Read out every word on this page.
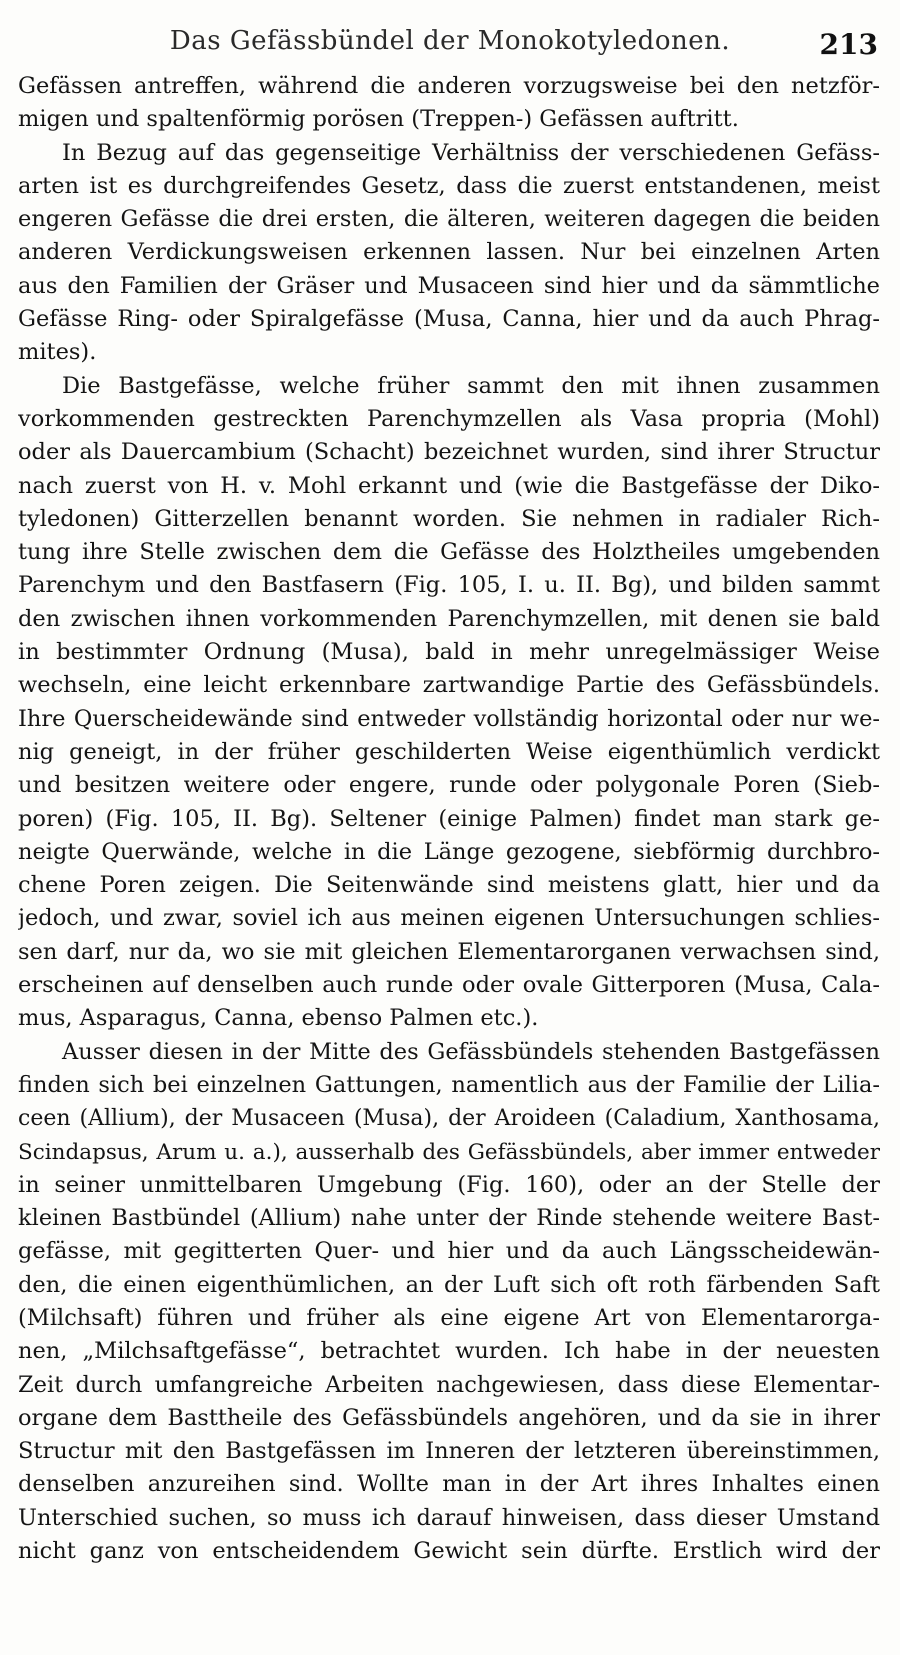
Das Gefässbündel der Monokotyledonen.	213
Gefässen antreffen, während die anderen vorzugsweise bei den netzför-
migen und spaltenförmig porösen (Treppen-) Gefässen auftritt.
In Bezug auf das gegenseitige Verhältniss der verschiedenen Gefäss-
arten ist es durchgreifendes Gesetz, dass die zuerst entstandenen, meist
engeren Gefässe die drei ersten, die älteren, weiteren dagegen die beiden
anderen Verdickungsweisen erkennen lassen. Nur bei einzelnen Arten
aus den Familien der Gräser und Musaceen sind hier und da sämmtliche
Gefässe Ring- oder Spiralgefässe (Musa, Canna, hier und da auch Phrag-
mites).
Die Bastgefässe, welche früher sammt den mit ihnen zusammen
vorkommenden gestreckten Parenchymzellen als Vasa propria (Mohl)
oder als Dauercambium (Schacht) bezeichnet wurden, sind ihrer Structur
nach zuerst von H. v. Mohl erkannt und (wie die Bastgefässe der Diko-
tyledonen) Gitterzellen benannt worden. Sie nehmen in radialer Rich-
tung ihre Stelle zwischen dem die Gefässe des Holztheiles umgebenden
Parenchym und den Bastfasern (Fig. 105, I. u. II. Bg), und bilden sammt
den zwischen ihnen vorkommenden Parenchymzellen, mit denen sie bald
in bestimmter Ordnung (Musa), bald in mehr unregelmässiger Weise
wechseln, eine leicht erkennbare zartwandige Partie des Gefässbündels.
Ihre Querscheidewände sind entweder vollständig horizontal oder nur we-
nig geneigt, in der früher geschilderten Weise eigenthümlich verdickt
und besitzen weitere oder engere, runde oder polygonale Poren (Sieb-
poren) (Fig. 105, II. Bg). Seltener (einige Palmen) findet man stark ge-
neigte Querwände, welche in die Länge gezogene, siebförmig durchbro-
chene Poren zeigen. Die Seitenwände sind meistens glatt, hier und da
jedoch, und zwar, soviel ich aus meinen eigenen Untersuchungen schlies-
sen darf, nur da, wo sie mit gleichen Elementarorganen verwachsen sind,
erscheinen auf denselben auch runde oder ovale Gitterporen (Musa, Cala-
mus, Asparagus, Canna, ebenso Palmen etc.).
Ausser diesen in der Mitte des Gefässbündels stehenden Bastgefässen
finden sich bei einzelnen Gattungen, namentlich aus der Familie der Lilia-
ceen (Allium), der Musaceen (Musa), der Aroideen (Caladium, Xanthosama,
Scindapsus, Arum u. a.), ausserhalb des Gefässbündels, aber immer entweder
in seiner unmittelbaren Umgebung (Fig. 160), oder an der Stelle der
kleinen Bastbündel (Allium) nahe unter der Rinde stehende weitere Bast-
gefässe, mit gegitterten Quer- und hier und da auch Längsscheidewän-
den, die einen eigenthümlichen, an der Luft sich oft roth färbenden Saft
(Milchsaft) führen und früher als eine eigene Art von Elementarorga-
nen, „Milchsaftgefässe“, betrachtet wurden. Ich habe in der neuesten
Zeit durch umfangreiche Arbeiten nachgewiesen, dass diese Elementar-
organe dem Basttheile des Gefässbündels angehören, und da sie in ihrer
Structur mit den Bastgefässen im Inneren der letzteren übereinstimmen,
denselben anzureihen sind. Wollte man in der Art ihres Inhaltes einen
Unterschied suchen, so muss ich darauf hinweisen, dass dieser Umstand
nicht ganz von entscheidendem Gewicht sein dürfte. Erstlich wird der
